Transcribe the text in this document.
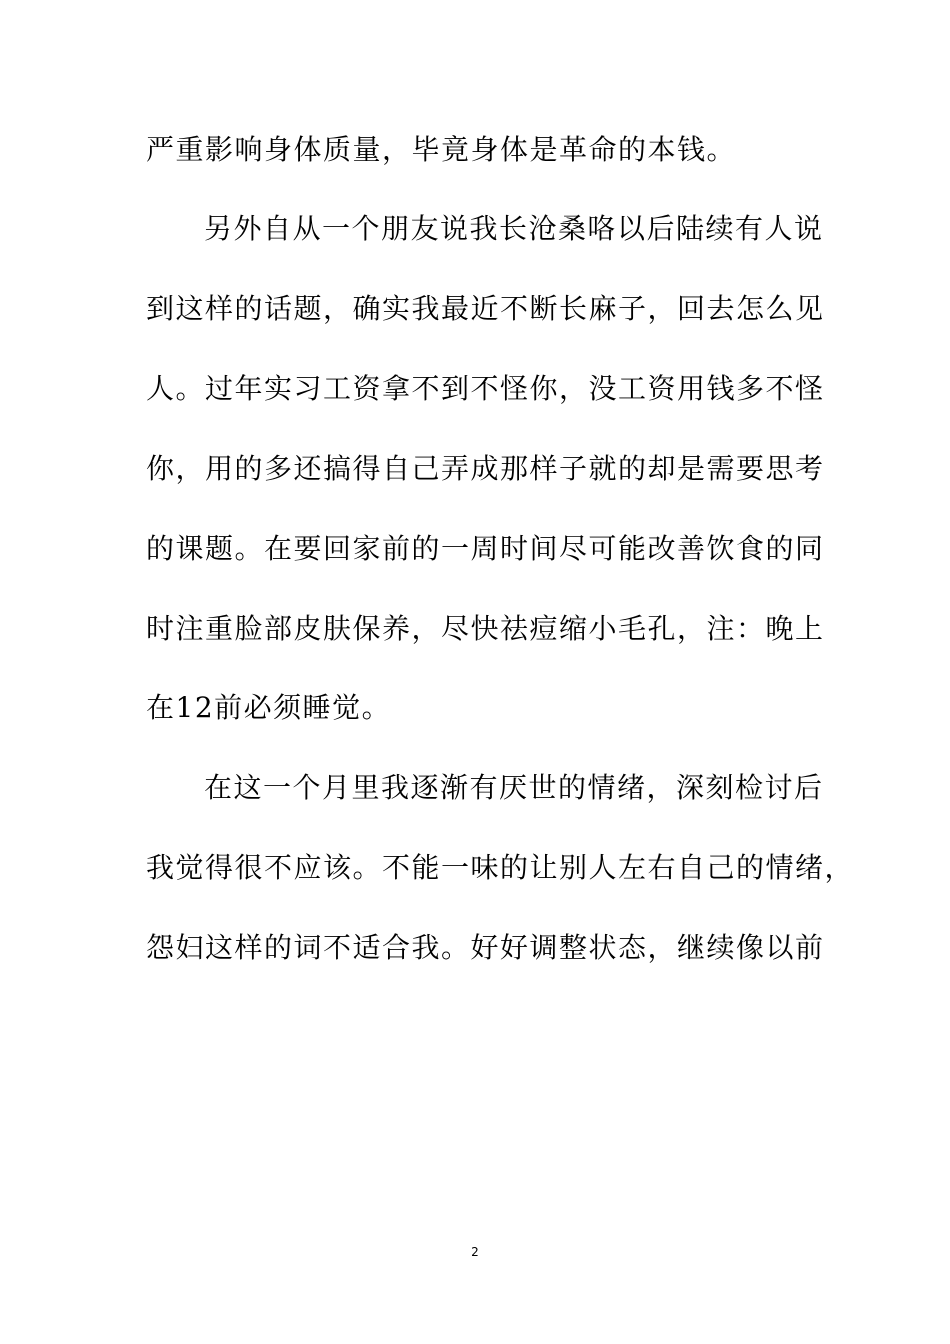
严重影响身体质量，毕竟身体是革命的本钱。
另外自从一个朋友说我长沧桑咯以后陆续有人说
到这样的话题，确实我最近不断长麻子，回去怎么见
人。过年实习工资拿不到不怪你，没工资用钱多不怪
你，用的多还搞得自己弄成那样子就的却是需要思考
的课题。在要回家前的一周时间尽可能改善饮食的同
时注重脸部皮肤保养，尽快祛痘缩小毛孔，注：晚上
在12前必须睡觉。
在这一个月里我逐渐有厌世的情绪，深刻检讨后
我觉得很不应该。不能一味的让别人左右自己的情绪，
怨妇这样的词不适合我。好好调整状态，继续像以前
2
